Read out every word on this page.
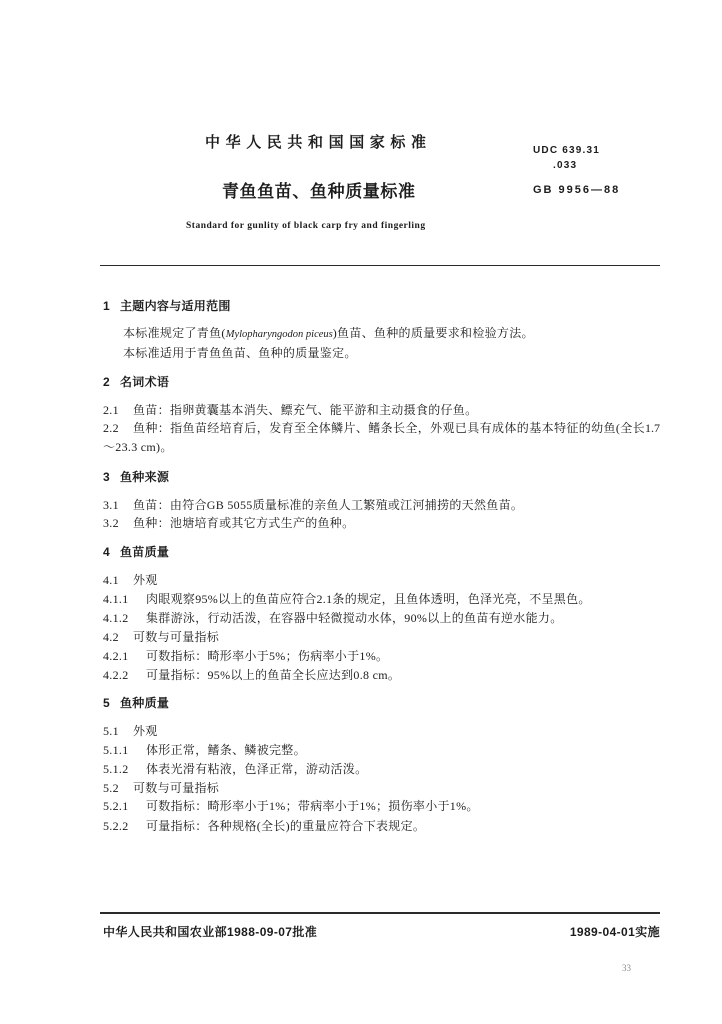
中华人民共和国国家标准	UDC 639.31
.033
青鱼鱼苗、鱼种质量标准	GB 9956—88
Standard for gunlity of black carp fry and fingerling
1 主题内容与适用范围
本标准规定了青鱼(Mylopharyngodon piceus)鱼苗、鱼种的质量要求和检验方法。
本标准适用于青鱼鱼苗、鱼种的质量鉴定。
2 名词术语
2.1 鱼苗：指卵黄囊基本消失、鳔充气、能平游和主动摄食的仔鱼。
2.2 鱼种：指鱼苗经培育后，发育至全体鳞片、鳍条长全，外观已具有成体的基本特征的幼鱼(全长1.7
～23.3 cm)。
3 鱼种来源
3.1 鱼苗：由符合GB 5055质量标准的亲鱼人工繁殖或江河捕捞的天然鱼苗。
3.2 鱼种：池塘培育或其它方式生产的鱼种。
4 鱼苗质量
4.1 外观
4.1.1 肉眼观察95%以上的鱼苗应符合2.1条的规定，且鱼体透明，色泽光亮，不呈黑色。
4.1.2 集群游泳，行动活泼，在容器中轻微搅动水体，90%以上的鱼苗有逆水能力。
4.2 可数与可量指标
4.2.1 可数指标：畸形率小于5%；伤病率小于1%。
4.2.2 可量指标：95%以上的鱼苗全长应达到0.8 cm。
5 鱼种质量
5.1 外观
5.1.1 体形正常，鳍条、鳞被完整。
5.1.2 体表光滑有粘液，色泽正常，游动活泼。
5.2 可数与可量指标
5.2.1 可数指标：畸形率小于1%；带病率小于1%；损伤率小于1%。
5.2.2 可量指标：各种规格(全长)的重量应符合下表规定。
中华人民共和国农业部1988-09-07批准	1989-04-01实施
33
